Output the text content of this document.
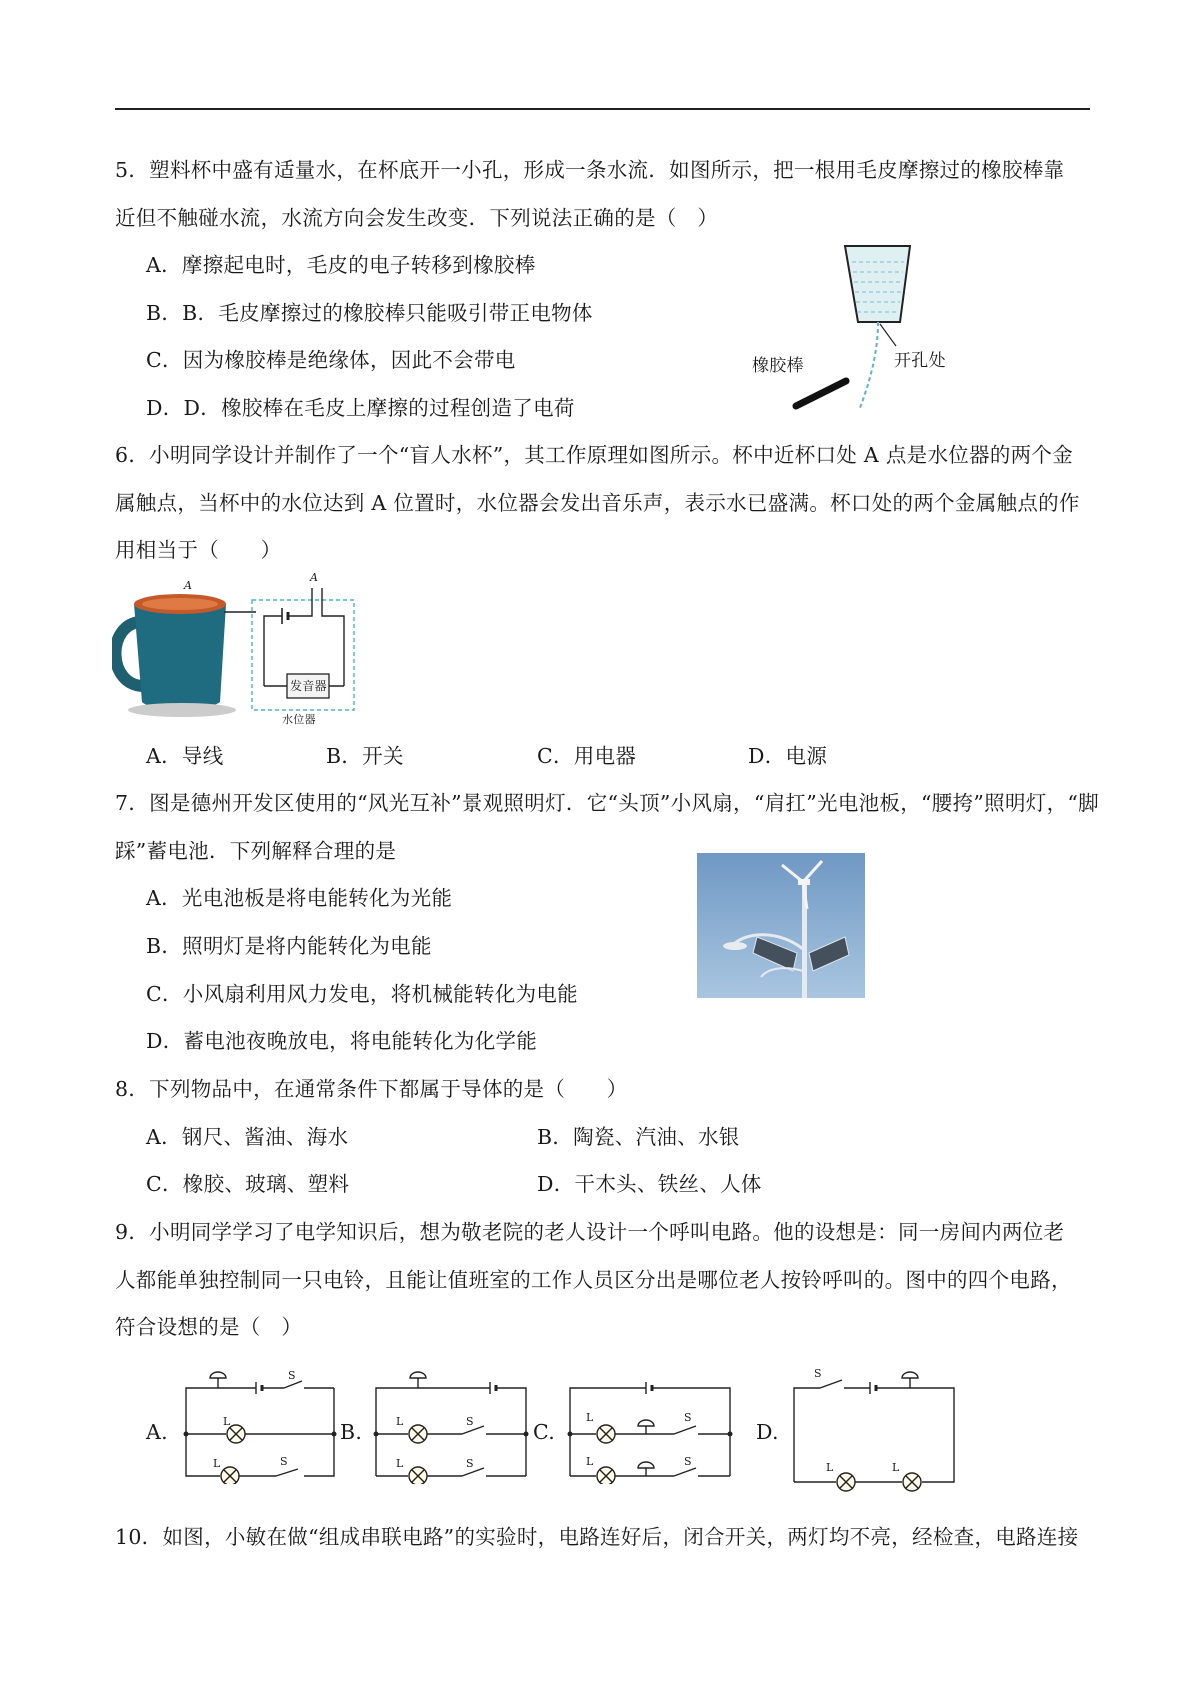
5．塑料杯中盛有适量水，在杯底开一小孔，形成一条水流．如图所示，把一根用毛皮摩擦过的橡胶棒靠
近但不触碰水流，水流方向会发生改变．下列说法正确的是（　）
A．摩擦起电时，毛皮的电子转移到橡胶棒
B．B．毛皮摩擦过的橡胶棒只能吸引带正电物体
C．因为橡胶棒是绝缘体，因此不会带电
D．D．橡胶棒在毛皮上摩擦的过程创造了电荷
橡胶棒	开孔处
6．小明同学设计并制作了一个“盲人水杯”，其工作原理如图所示。杯中近杯口处 A 点是水位器的两个金
属触点，当杯中的水位达到 A 位置时，水位器会发出音乐声，表示水已盛满。杯口处的两个金属触点的作
用相当于（　　）
A
A
发音器
水位器
A．导线	B．开关	C．用电器	D．电源
7．图是德州开发区使用的“风光互补”景观照明灯．它“头顶”小风扇，“肩扛”光电池板，“腰挎”照明灯，“脚
踩”蓄电池．下列解释合理的是
A．光电池板是将电能转化为光能
B．照明灯是将内能转化为电能
C．小风扇利用风力发电，将机械能转化为电能
D．蓄电池夜晚放电，将电能转化为化学能
8．下列物品中，在通常条件下都属于导体的是（　　）
A．钢尺、酱油、海水	B．陶瓷、汽油、水银
C．橡胶、玻璃、塑料	D．干木头、铁丝、人体
9．小明同学学习了电学知识后，想为敬老院的老人设计一个呼叫电路。他的设想是：同一房间内两位老
人都能单独控制同一只电铃，且能让值班室的工作人员区分出是哪位老人按铃呼叫的。图中的四个电路，
符合设想的是（　）
A.	B.	C.	D.
L
L
S
S
L
L
S
S
L
L
S
S
S
L	L
10．如图，小敏在做“组成串联电路”的实验时，电路连好后，闭合开关，两灯均不亮，经检查，电路连接
